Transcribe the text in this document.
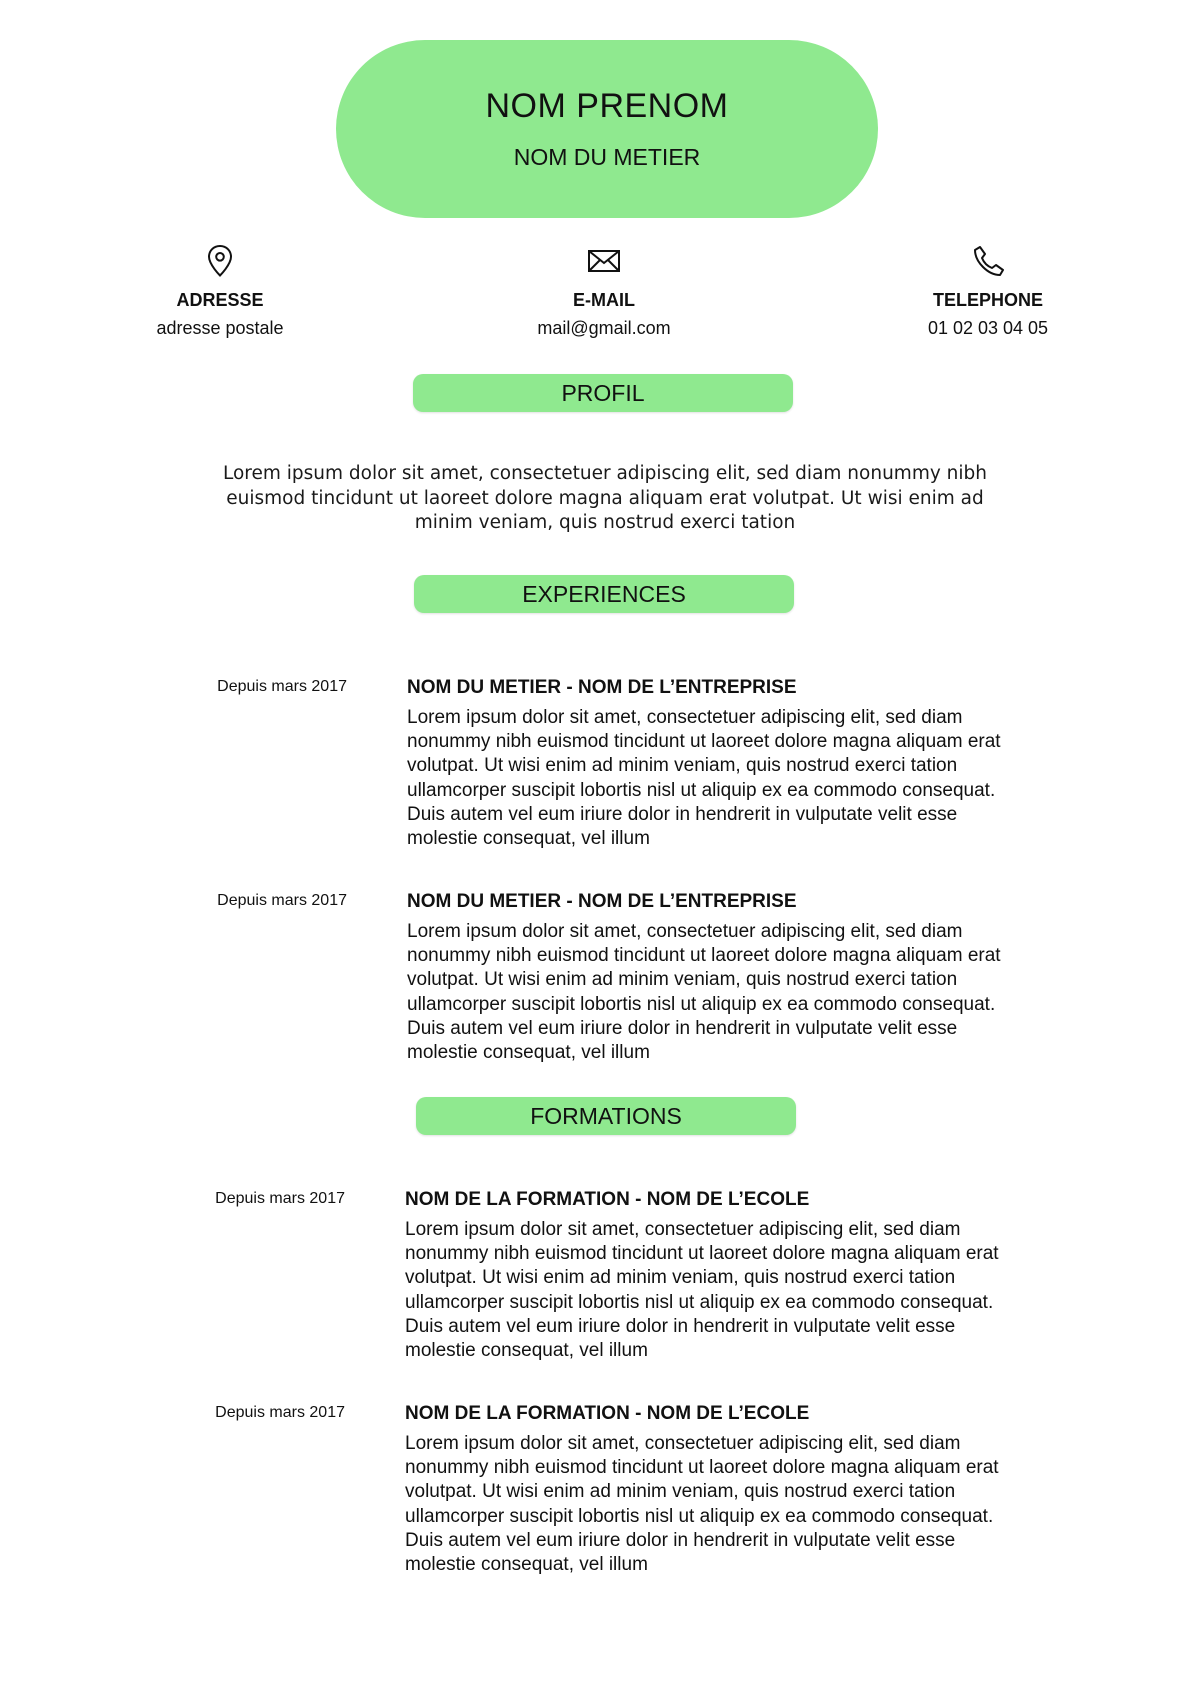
NOM PRENOM
NOM DU METIER
ADRESSE
adresse postale
E-MAIL
mail@gmail.com
TELEPHONE
01 02 03 04 05
PROFIL
Lorem ipsum dolor sit amet, consectetuer adipiscing elit, sed diam nonummy nibh euismod tincidunt ut laoreet dolore magna aliquam erat volutpat. Ut wisi enim ad minim veniam, quis nostrud exerci tation
EXPERIENCES
Depuis mars 2017	NOM DU METIER - NOM DE L’ENTREPRISE
Lorem ipsum dolor sit amet, consectetuer adipiscing elit, sed diam nonummy nibh euismod tincidunt ut laoreet dolore magna aliquam erat volutpat. Ut wisi enim ad minim veniam, quis nostrud exerci tation ullamcorper suscipit lobortis nisl ut aliquip ex ea commodo consequat. Duis autem vel eum iriure dolor in hendrerit in vulputate velit esse molestie consequat, vel illum
Depuis mars 2017	NOM DU METIER - NOM DE L’ENTREPRISE
Lorem ipsum dolor sit amet, consectetuer adipiscing elit, sed diam nonummy nibh euismod tincidunt ut laoreet dolore magna aliquam erat volutpat. Ut wisi enim ad minim veniam, quis nostrud exerci tation ullamcorper suscipit lobortis nisl ut aliquip ex ea commodo consequat. Duis autem vel eum iriure dolor in hendrerit in vulputate velit esse molestie consequat, vel illum
FORMATIONS
Depuis mars 2017	NOM DE LA FORMATION - NOM DE L’ECOLE
Lorem ipsum dolor sit amet, consectetuer adipiscing elit, sed diam nonummy nibh euismod tincidunt ut laoreet dolore magna aliquam erat volutpat. Ut wisi enim ad minim veniam, quis nostrud exerci tation ullamcorper suscipit lobortis nisl ut aliquip ex ea commodo consequat. Duis autem vel eum iriure dolor in hendrerit in vulputate velit esse molestie consequat, vel illum
Depuis mars 2017	NOM DE LA FORMATION - NOM DE L’ECOLE
Lorem ipsum dolor sit amet, consectetuer adipiscing elit, sed diam nonummy nibh euismod tincidunt ut laoreet dolore magna aliquam erat volutpat. Ut wisi enim ad minim veniam, quis nostrud exerci tation ullamcorper suscipit lobortis nisl ut aliquip ex ea commodo consequat. Duis autem vel eum iriure dolor in hendrerit in vulputate velit esse molestie consequat, vel illum
